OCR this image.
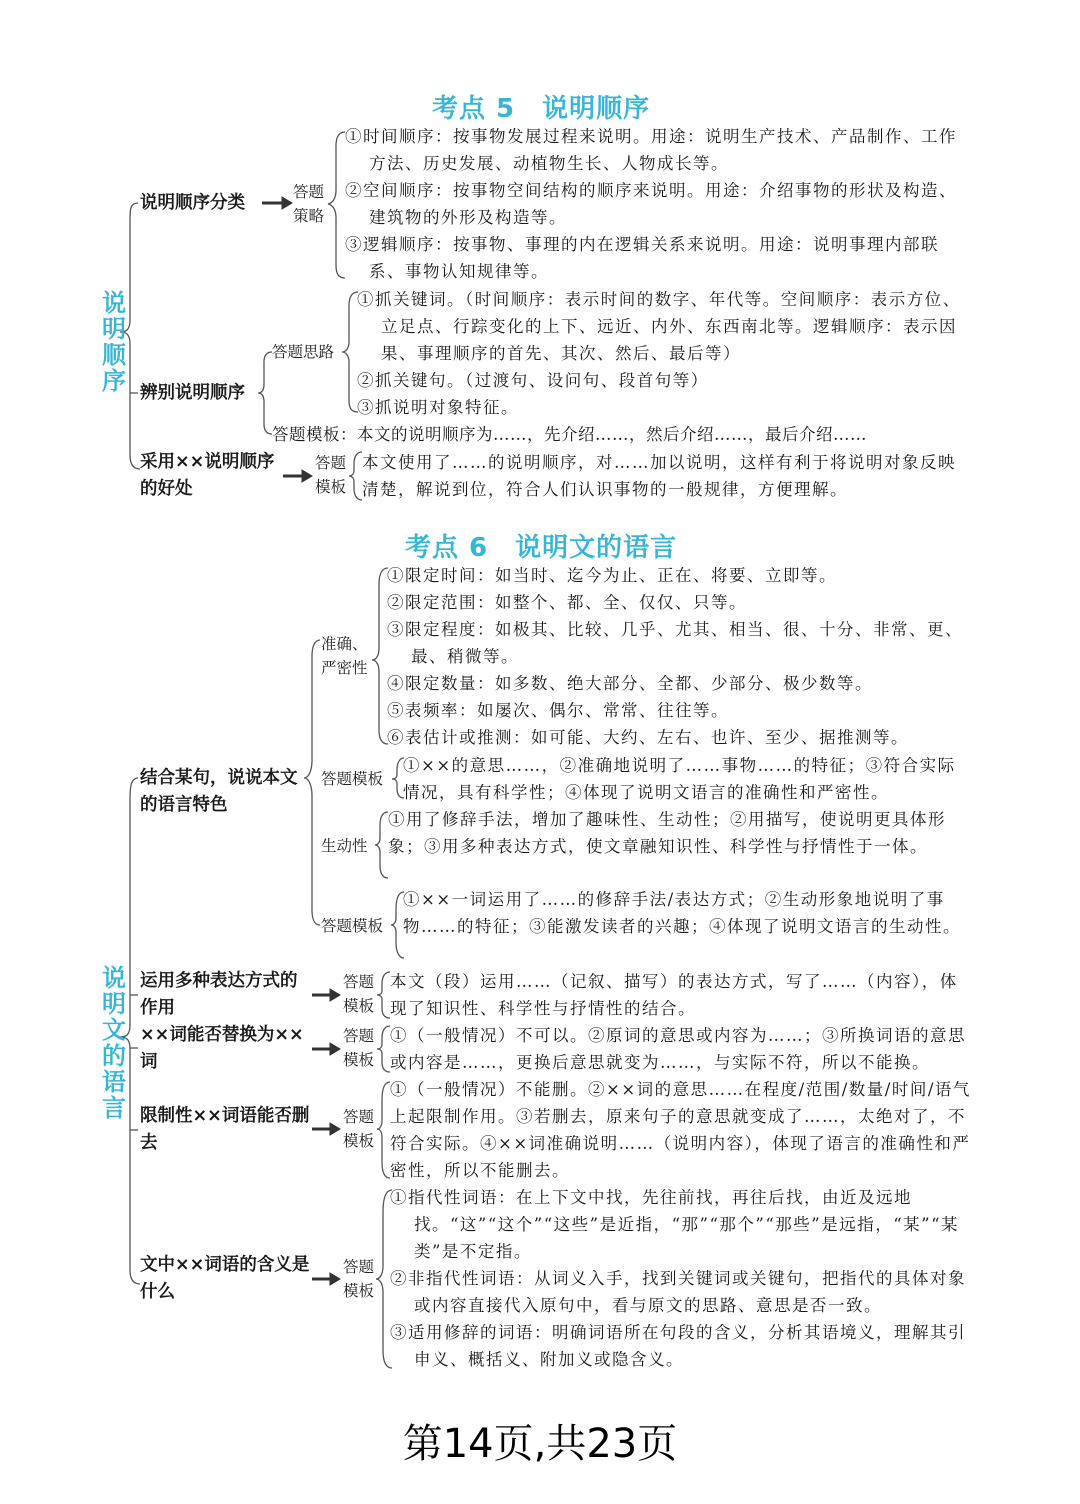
考点 5　说明顺序
说明顺序
说明顺序分类
答题策略

①时间顺序：按事物发展过程来说明。用途：说明生产技术、产品制作、工作方法、历史发展、动植物生长、人物成长等。

②空间顺序：按事物空间结构的顺序来说明。用途：介绍事物的形状及构造、建筑物的外形及构造等。

③逻辑顺序：按事物、事理的内在逻辑关系来说明。用途：说明事理内部联系、事物认知规律等。

辨别说明顺序
答题思路

①抓关键词。（时间顺序：表示时间的数字、年代等。空间顺序：表示方位、立足点、行踪变化的上下、远近、内外、东西南北等。逻辑顺序：表示因果、事理顺序的首先、其次、然后、最后等）

②抓关键句。（过渡句、设问句、段首句等）

③抓说明对象特征。

答题模板：本文的说明顺序为……，先介绍……，然后介绍……，最后介绍……
采用××说明顺序的好处
答题模板
本文使用了……的说明顺序，对……加以说明，这样有利于将说明对象反映清楚，解说到位，符合人们认识事物的一般规律，方便理解。
考点 6　说明文的语言
说明文的语言
结合某句，说说本文的语言特色
准确、严密性

①限定时间：如当时、迄今为止、正在、将要、立即等。

②限定范围：如整个、都、全、仅仅、只等。

③限定程度：如极其、比较、几乎、尤其、相当、很、十分、非常、更、最、稍微等。

④限定数量：如多数、绝大部分、全都、少部分、极少数等。

⑤表频率：如屡次、偶尔、常常、往往等。

⑥表估计或推测：如可能、大约、左右、也许、至少、据推测等。

答题模板
①××的意思……，②准确地说明了……事物……的特征；③符合实际情况，具有科学性；④体现了说明文语言的准确性和严密性。
生动性
①用了修辞手法，增加了趣味性、生动性；②用描写，使说明更具体形象；③用多种表达方式，使文章融知识性、科学性与抒情性于一体。
答题模板
①××一词运用了……的修辞手法/表达方式；②生动形象地说明了事物……的特征；③能激发读者的兴趣；④体现了说明文语言的生动性。
运用多种表达方式的作用
答题模板
本文（段）运用……（记叙、描写）的表达方式，写了……（内容），体现了知识性、科学性与抒情性的结合。
××词能否替换为××词
答题模板
①（一般情况）不可以。②原词的意思或内容为……；③所换词语的意思或内容是……，更换后意思就变为……，与实际不符，所以不能换。
限制性××词语能否删去
答题模板
①（一般情况）不能删。②××词的意思……在程度/范围/数量/时间/语气上起限制作用。③若删去，原来句子的意思就变成了……，太绝对了，不符合实际。④××词准确说明……（说明内容），体现了语言的准确性和严密性，所以不能删去。
文中××词语的含义是什么
答题模板

①指代性词语：在上下文中找，先往前找，再往后找，由近及远地找。“这”“这个”“这些”是近指，“那”“那个”“那些”是远指，“某”“某类”是不定指。

②非指代性词语：从词义入手，找到关键词或关键句，把指代的具体对象或内容直接代入原句中，看与原文的思路、意思是否一致。

③适用修辞的词语：明确词语所在句段的含义，分析其语境义，理解其引申义、概括义、附加义或隐含义。

第14页,共23页
